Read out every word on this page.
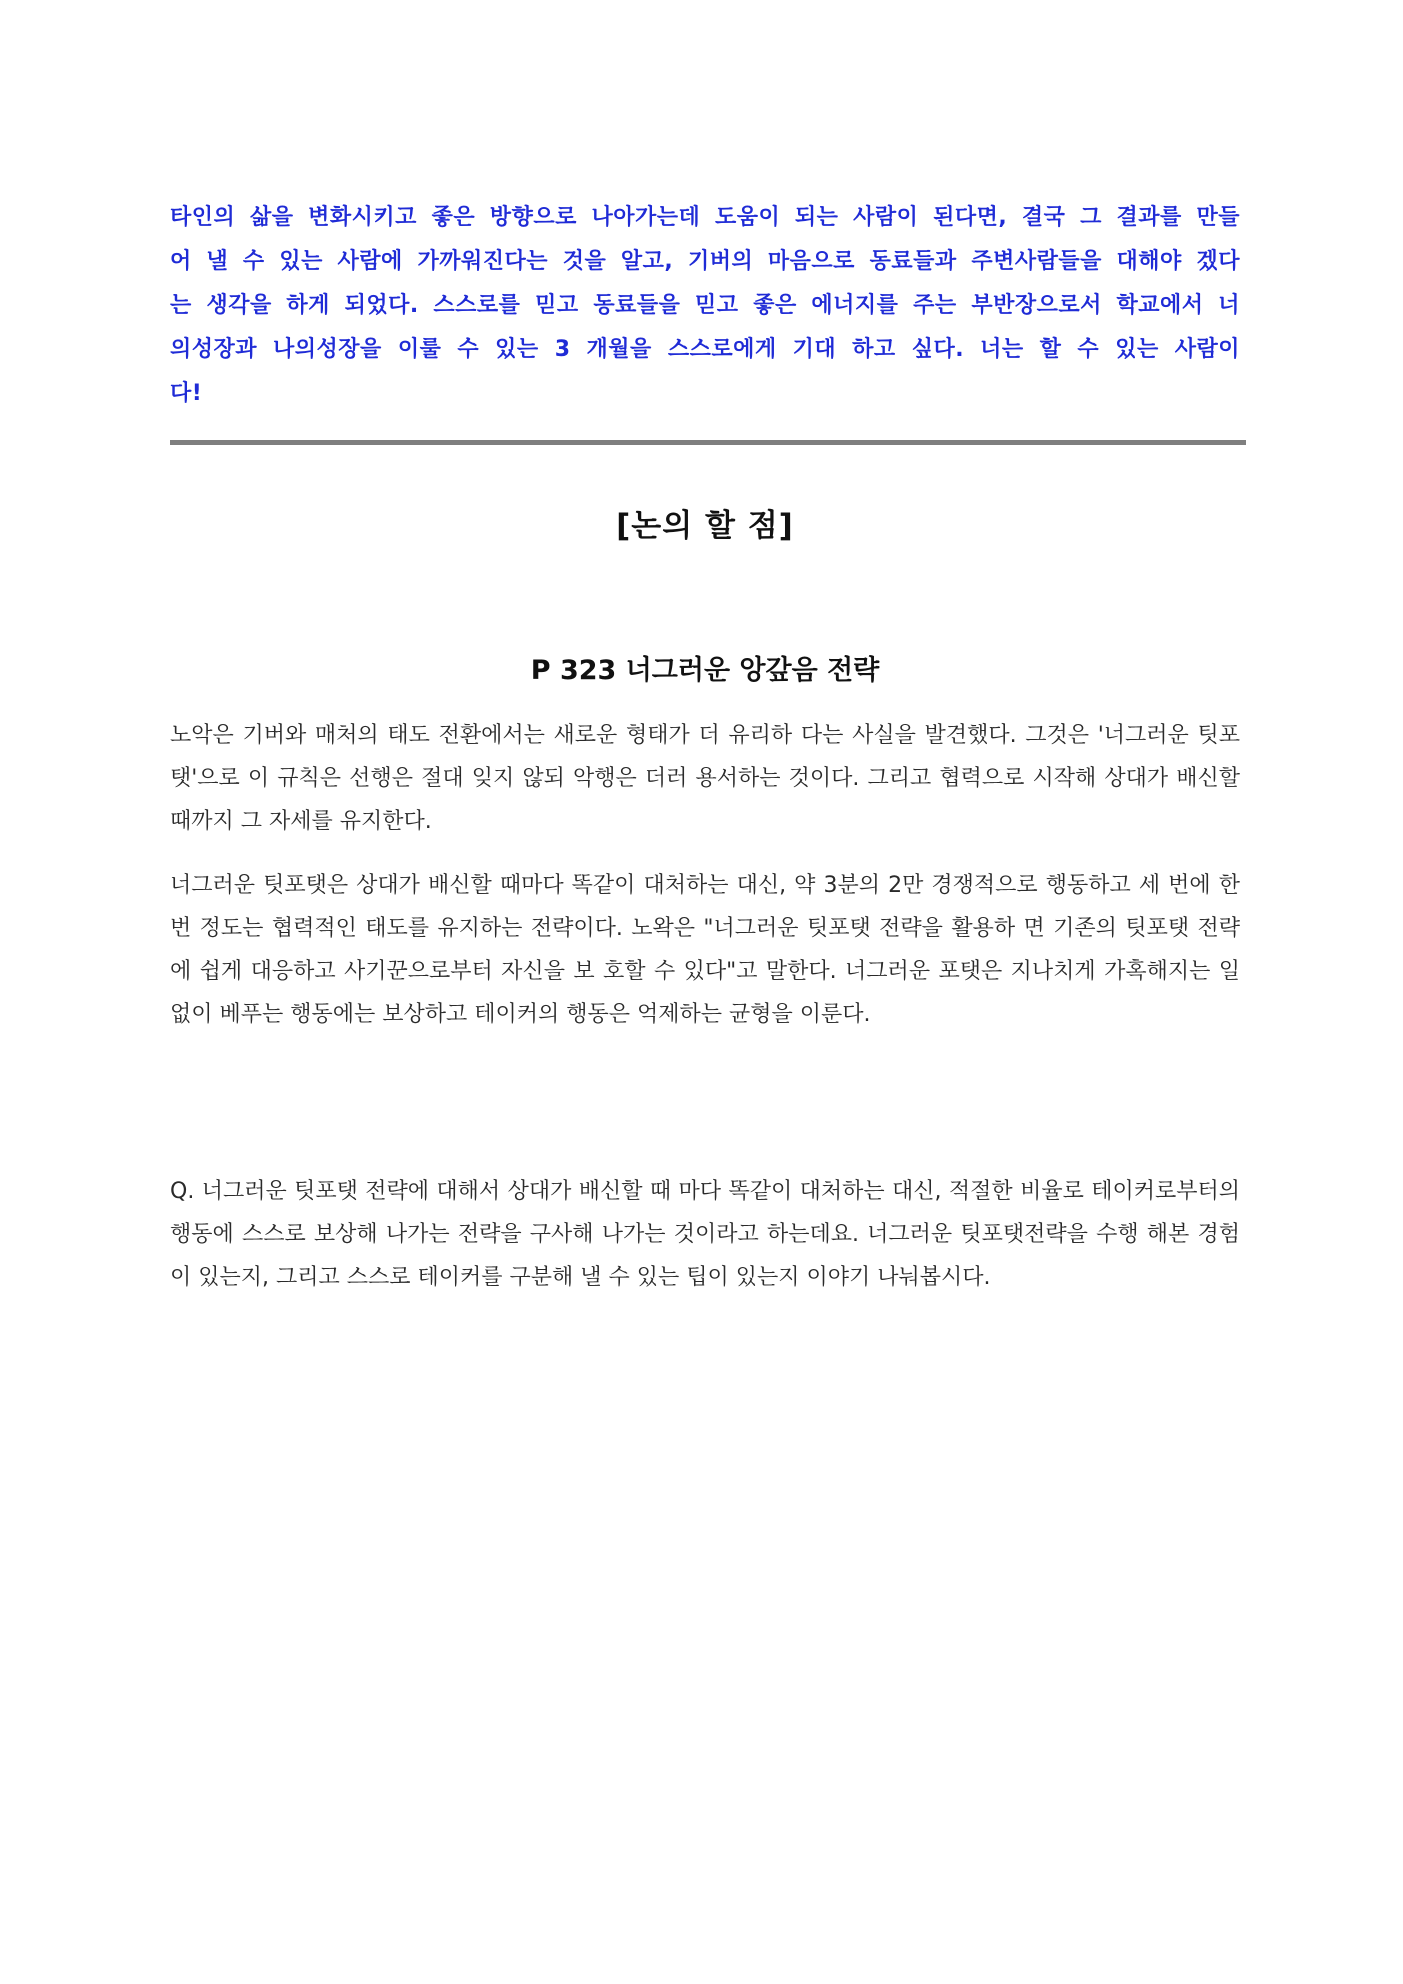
타인의 삶을 변화시키고 좋은 방향으로 나아가는데 도움이 되는 사람이 된다면, 결국 그 결과를 만들어 낼 수 있는 사람에 가까워진다는 것을 알고, 기버의 마음으로 동료들과 주변사람들을 대해야 겠다는 생각을 하게 되었다. 스스로를 믿고 동료들을 믿고 좋은 에너지를 주는 부반장으로서 학교에서 너의성장과 나의성장을 이룰 수 있는 3 개월을 스스로에게 기대 하고 싶다. 너는 할 수 있는 사람이다!

[논의 할 점]
P 323 너그러운 앙갚음 전략

노악은 기버와 매처의 태도 전환에서는 새로운 형태가 더 유리하 다는 사실을 발견했다. 그것은 '너그러운 팃포탯'으로 이 규칙은 선행은 절대 잊지 않되 악행은 더러 용서하는 것이다. 그리고 협력으로 시작해 상대가 배신할 때까지 그 자세를 유지한다.

너그러운 팃포탯은 상대가 배신할 때마다 똑같이 대처하는 대신, 약 3분의 2만 경쟁적으로 행동하고 세 번에 한 번 정도는 협력적인 태도를 유지하는 전략이다. 노왁은 "너그러운 팃포탯 전략을 활용하 면 기존의 팃포탯 전략에 쉽게 대응하고 사기꾼으로부터 자신을 보 호할 수 있다"고 말한다. 너그러운 포탯은 지나치게 가혹해지는 일 없이 베푸는 행동에는 보상하고 테이커의 행동은 억제하는 균형을 이룬다.

Q. 너그러운 팃포탯 전략에 대해서 상대가 배신할 때 마다 똑같이 대처하는 대신, 적절한 비율로 테이커로부터의 행동에 스스로 보상해 나가는 전략을 구사해 나가는 것이라고 하는데요. 너그러운 팃포탯전략을 수행 해본 경험이 있는지, 그리고 스스로 테이커를 구분해 낼 수 있는 팁이 있는지 이야기 나눠봅시다.
